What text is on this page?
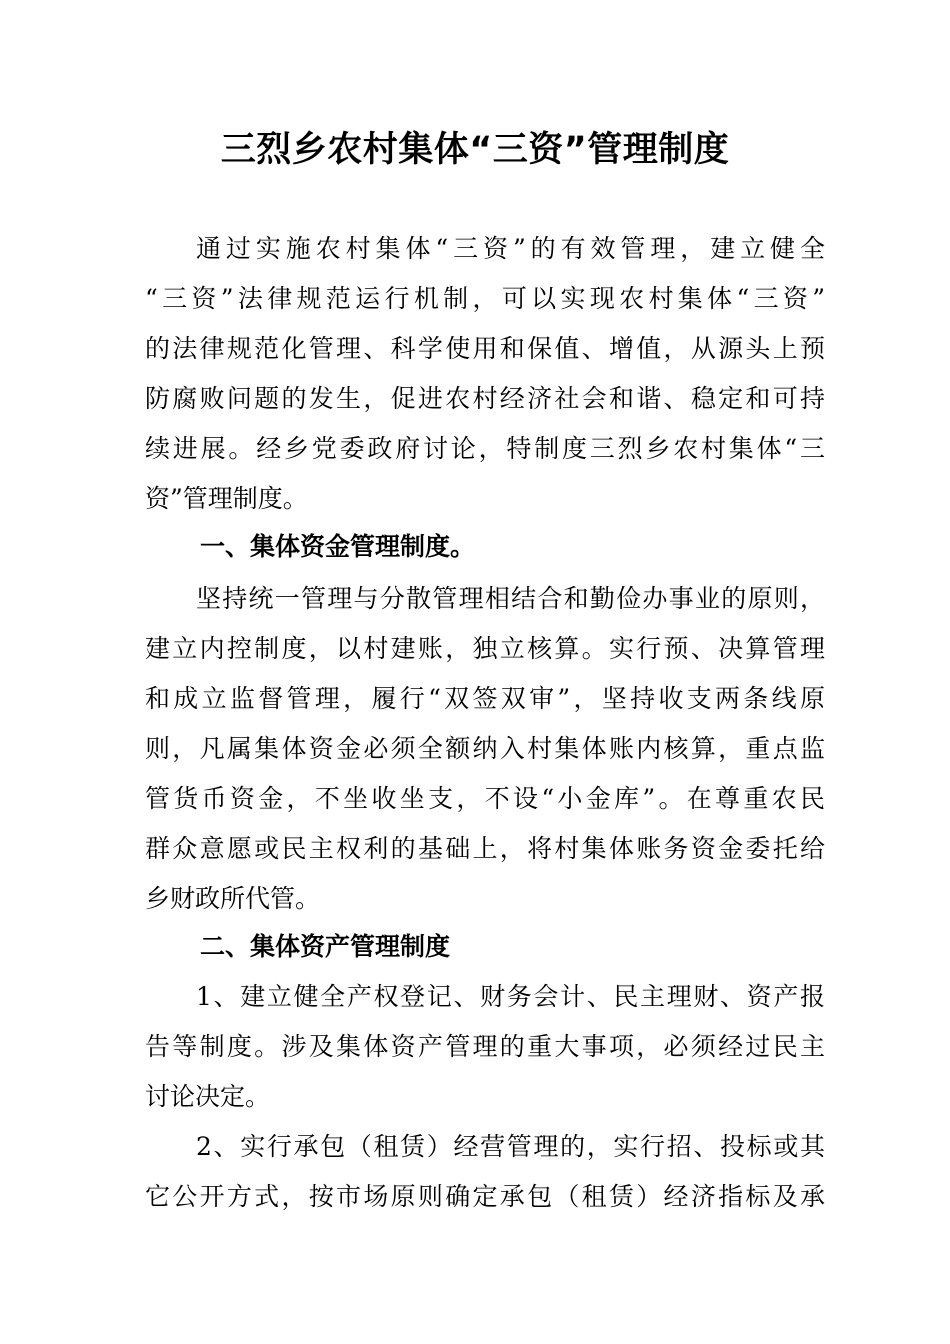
三烈乡农村集体“三资”管理制度
通过实施农村集体“三资”的有效管理，建立健全
“三资”法律规范运行机制，可以实现农村集体“三资”
的法律规范化管理、科学使用和保值、增值，从源头上预
防腐败问题的发生，促进农村经济社会和谐、稳定和可持
续进展。经乡党委政府讨论，特制度三烈乡农村集体“三
资”管理制度。
一、集体资金管理制度。
坚持统一管理与分散管理相结合和勤俭办事业的原则，
建立内控制度，以村建账，独立核算。实行预、决算管理
和成立监督管理，履行“双签双审”，坚持收支两条线原
则，凡属集体资金必须全额纳入村集体账内核算，重点监
管货币资金，不坐收坐支，不设“小金库”。在尊重农民
群众意愿或民主权利的基础上，将村集体账务资金委托给
乡财政所代管。
二、集体资产管理制度
1、建立健全产权登记、财务会计、民主理财、资产报
告等制度。涉及集体资产管理的重大事项，必须经过民主
讨论决定。
2、实行承包（租赁）经营管理的，实行招、投标或其
它公开方式，按市场原则确定承包（租赁）经济指标及承
